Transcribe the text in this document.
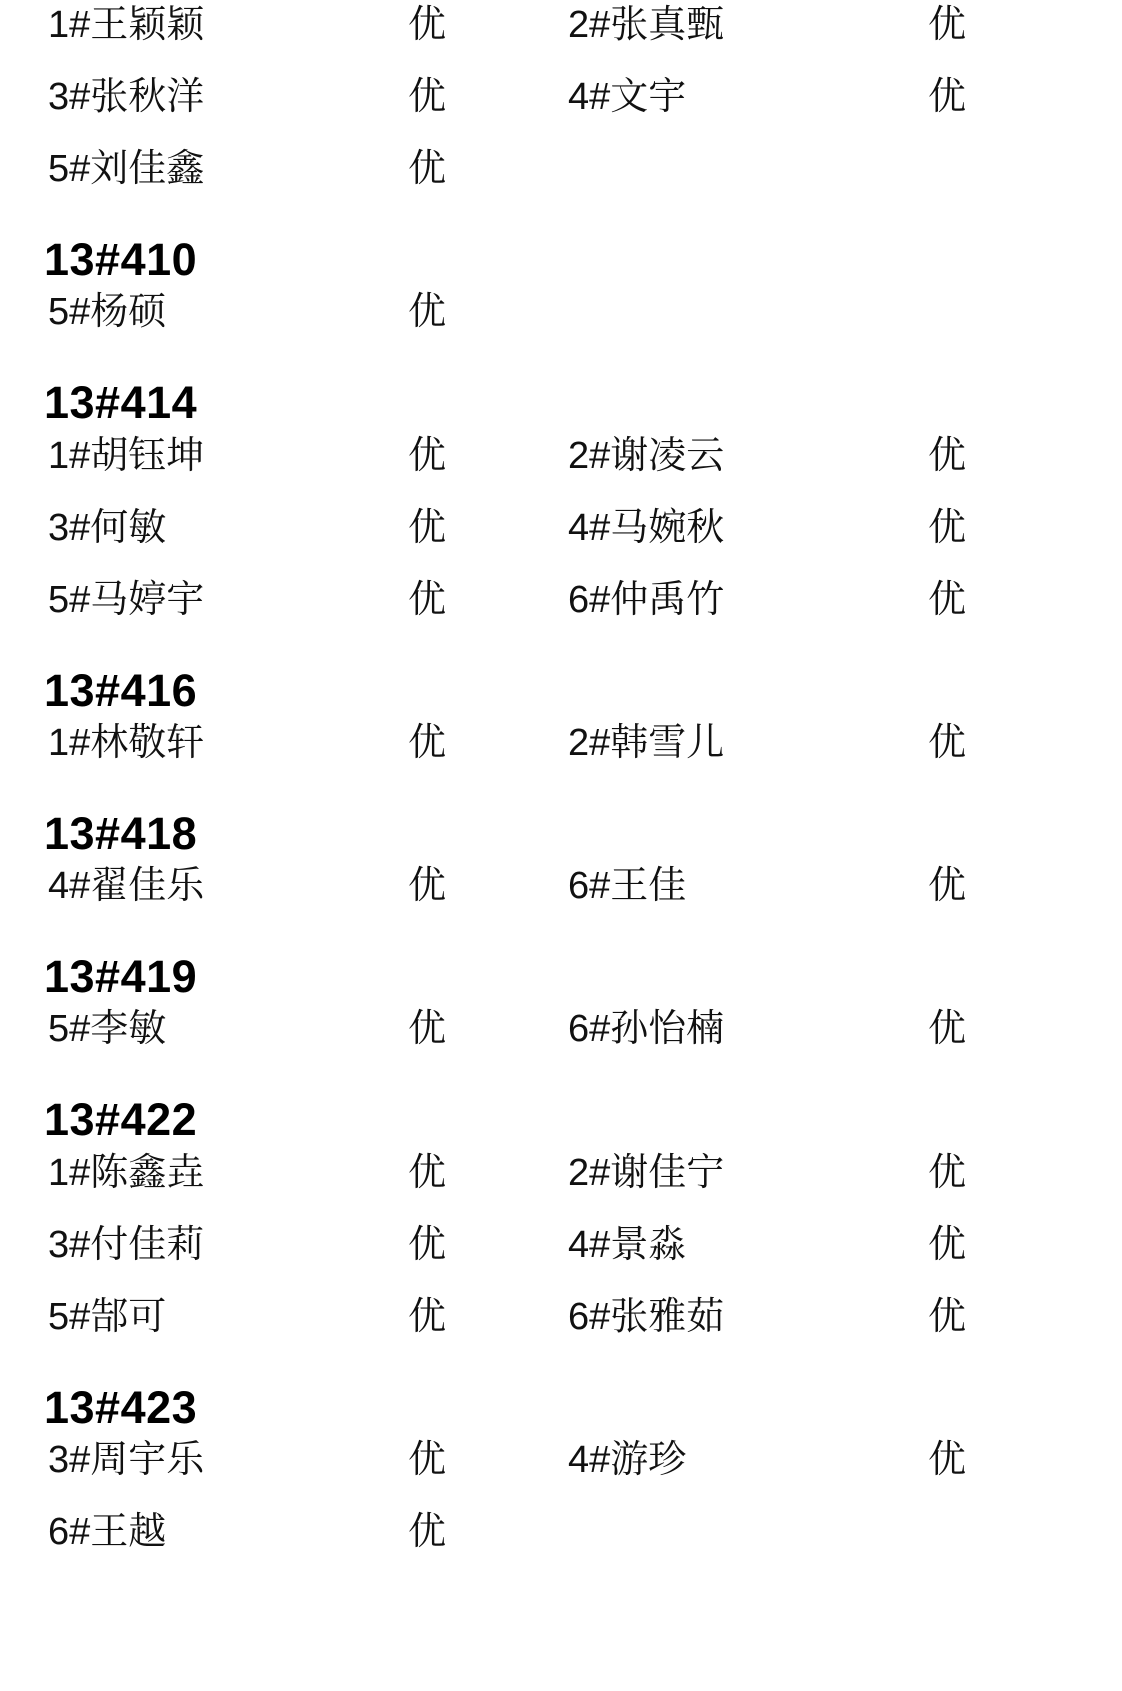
1#王颖颖	优	2#张真甄	优
3#张秋洋	优	4#文宇	优
5#刘佳鑫	优
13#410
5#杨硕	优
13#414
1#胡钰坤	优	2#谢凌云	优
3#何敏	优	4#马婉秋	优
5#马婷宇	优	6#仲禹竹	优
13#416
1#林敬轩	优	2#韩雪儿	优
13#418
4#翟佳乐	优	6#王佳	优
13#419
5#李敏	优	6#孙怡楠	优
13#422
1#陈鑫垚	优	2#谢佳宁	优
3#付佳莉	优	4#景淼	优
5#郜可	优	6#张雅茹	优
13#423
3#周宇乐	优	4#游珍	优
6#王越	优
